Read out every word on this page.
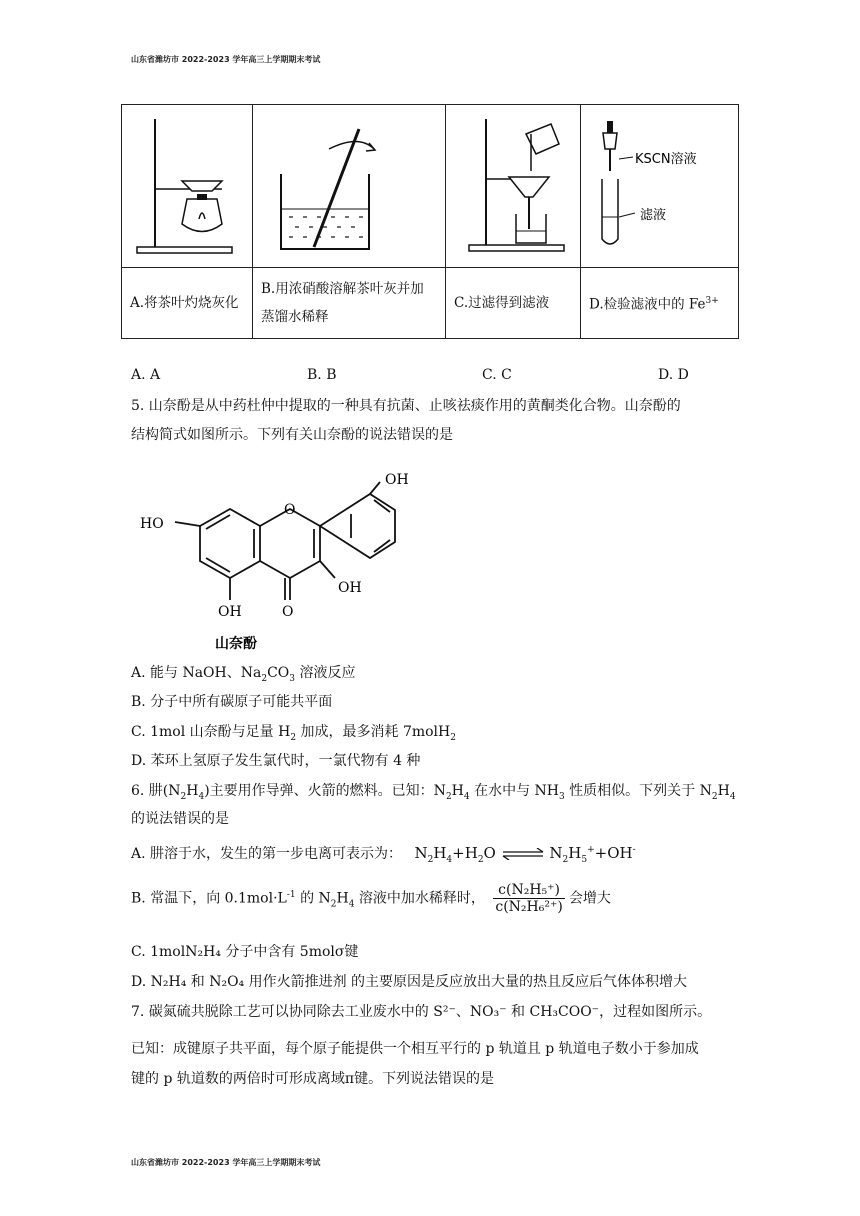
山东省潍坊市 2022-2023 学年高三上学期期末考试

KSCN溶液
滤液

A.将茶叶灼烧灰化	B.用浓硝酸溶解茶叶灰并加蒸馏水稀释	C.过滤得到滤液	D.检验滤液中的 $Fe^{3+}$
A. A	B. B	C. C	D. D
5. 山奈酚是从中药杜仲中提取的一种具有抗菌、止咳祛痰作用的黄酮类化合物。山奈酚的
结构简式如图所示。下列有关山奈酚的说法错误的是
OH
HO
O
OH
OH	O
山奈酚
A. 能与 NaOH、$Na_2CO_3$ 溶液反应
B. 分子中所有碳原子可能共平面
C. 1mol 山奈酚与足量 $H_2$ 加成，最多消耗 7molH$_2$
D. 苯环上氢原子发生氯代时，一氯代物有 4 种
6. 肼$(N_2H_4)$主要用作导弹、火箭的燃料。已知：$N_2H_4$ 在水中与 $NH_3$ 性质相似。下列关于 $N_2H_4$
的说法错误的是
A. 肼溶于水，发生的第一步电离可表示为： $N_2H_4+H_2O$ ⇌ $N_2H_5^++OH^-$
B. 常温下，向 $0.1mol\cdot L^{-1}$ 的 $N_2H_4$ 溶液中加水稀释时， $\frac{\text{c(N₂H₅⁺)}}{\text{c(N₂H₆²⁺)}}$ 会增大
C. 1molN₂H₄ 分子中含有 5molσ键
D. N₂H₄ 和 N₂O₄ 用作火箭推进剂 的主要原因是反应放出大量的热且反应后气体体积增大
7. 碳氮硫共脱除工艺可以协同除去工业废水中的 S²⁻、NO₃⁻ 和 CH₃COO⁻，过程如图所示。
已知：成键原子共平面，每个原子能提供一个相互平行的 p 轨道且 p 轨道电子数小于参加成
键的 p 轨道数的两倍时可形成离域π键。下列说法错误的是
山东省潍坊市 2022-2023 学年高三上学期期末考试
